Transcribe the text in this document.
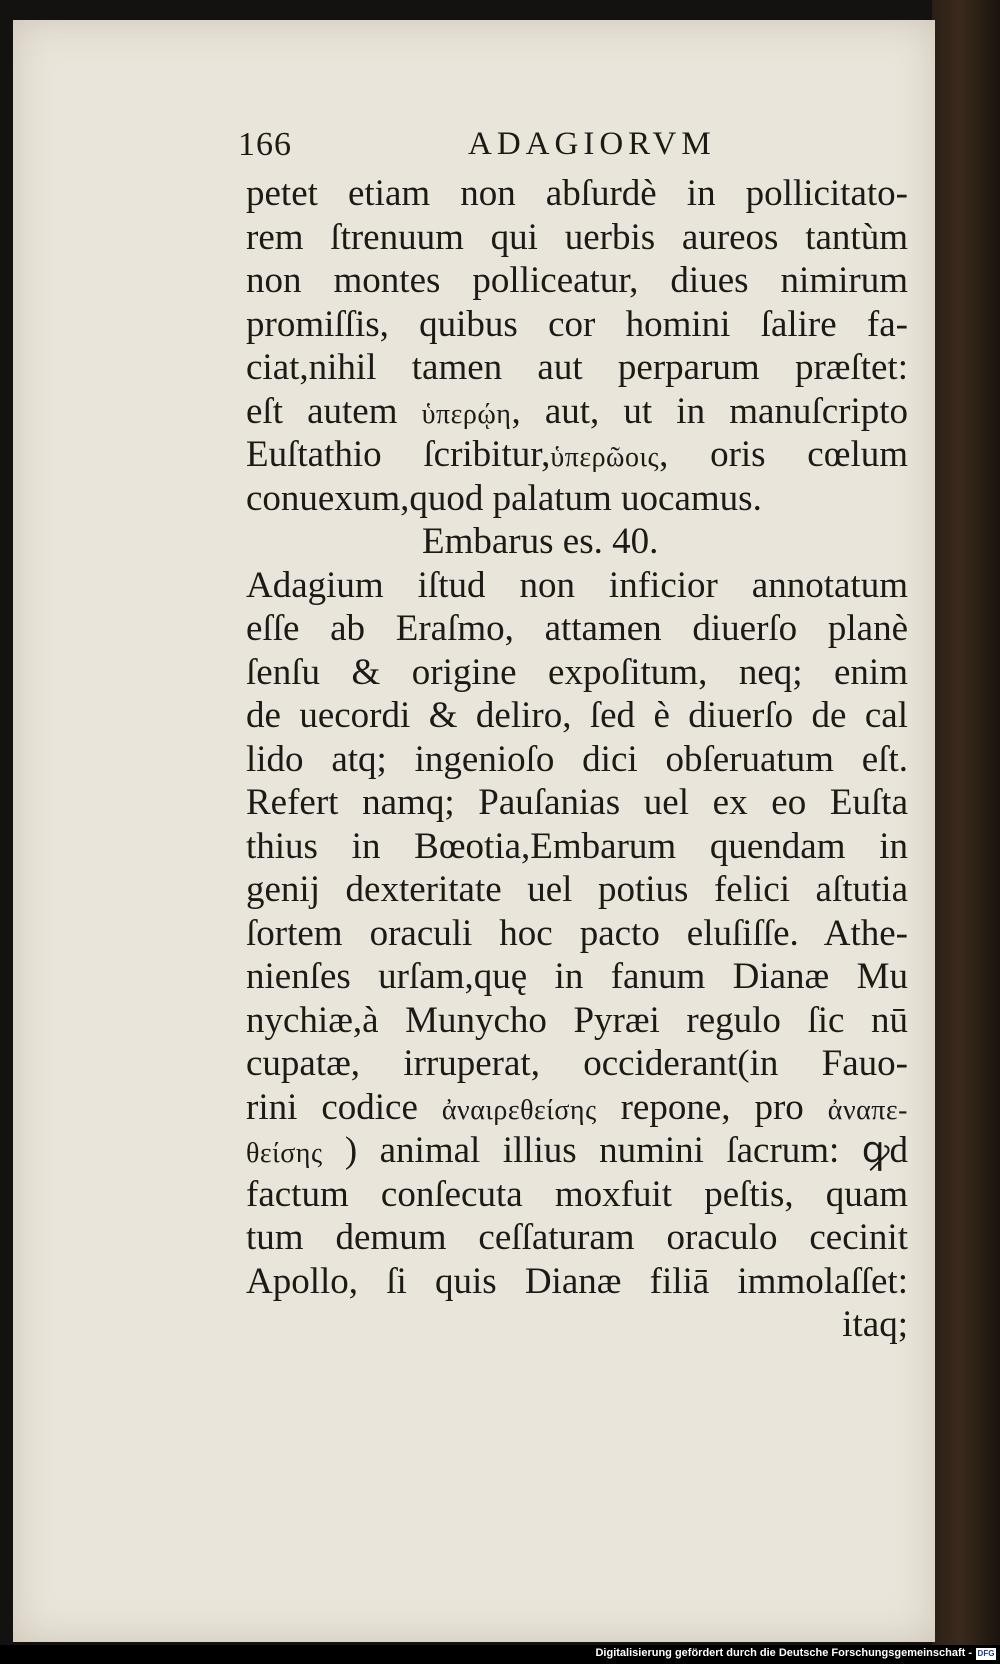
166	ADAGIORVM
petet etiam non abſurdè in pollicitato-
rem ſtrenuum qui uerbis aureos tantùm
non montes polliceatur, diues nimirum
promiſſis, quibus cor homini ſalire fa-
ciat,nihil tamen aut perparum præſtet:
eſt autem ὑπερῴη, aut, ut in manuſcripto
Euſtathio ſcribitur,ὑπερῶοις, oris cœlum
conuexum,quod palatum uocamus.
Embarus es. 40.
Adagium iſtud non inficior annotatum
eſſe ab Eraſmo, attamen diuerſo planè
ſenſu & origine expoſitum, neq; enim
de uecordi & deliro, ſed è diuerſo de cal
lido atq; ingenioſo dici obſeruatum eſt.
Refert namq; Pauſanias uel ex eo Euſta
thius in Bœotia,Embarum quendam in
genij dexteritate uel potius felici aſtutia
ſortem oraculi hoc pacto eluſiſſe. Athe-
nienſes urſam,quę in fanum Dianæ Mu
nychiæ,à Munycho Pyræi regulo ſic nū
cupatæ, irruperat, occiderant(in Fauo-
rini codice ἀναιρεθείσης repone, pro ἀναπε-
θείσης ) animal illius numini ſacrum: ꝙd
factum conſecuta moxfuit peſtis, quam
tum demum ceſſaturam oraculo cecinit
Apollo, ſi quis Dianæ filiā immolaſſet:
itaq;
Digitalisierung gefördert durch die Deutsche Forschungsgemeinschaft - DFG
